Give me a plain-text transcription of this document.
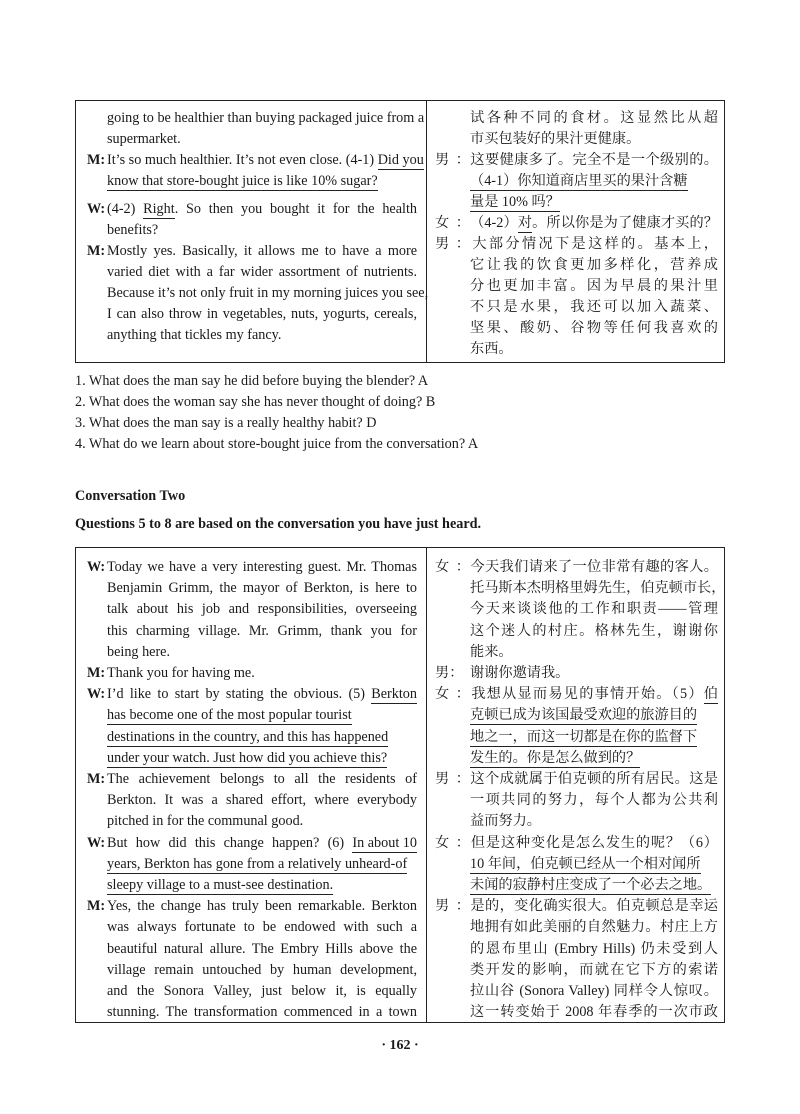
going to be healthier than buying packaged juice from a
supermarket.
M: It’s so much healthier. It’s not even close. (4-1) Did you
know that store-bought juice is like 10% sugar?
W: (4-2) Right. So then you bought it for the health
benefits?
M: Mostly yes. Basically, it allows me to have a more
varied diet with a far wider assortment of nutrients.
Because it’s not only fruit in my morning juices you see,
I can also throw in vegetables, nuts, yogurts, cereals,
anything that tickles my fancy.
试各种不同的食材。这显然比从超
市买包装好的果汁更健康。
男：这要健康多了。完全不是一个级别的。
（4-1）你知道商店里买的果汁含糖
量是 10% 吗？
女：（4-2）对。所以你是为了健康才买的？
男：大部分情况下是这样的。基本上，
它让我的饮食更加多样化，营养成
分也更加丰富。因为早晨的果汁里
不只是水果，我还可以加入蔬菜、
坚果、酸奶、谷物等任何我喜欢的
东西。
1. What does the man say he did before buying the blender? A
2. What does the woman say she has never thought of doing? B
3. What does the man say is a really healthy habit? D
4. What do we learn about store-bought juice from the conversation? A
Conversation Two
Questions 5 to 8 are based on the conversation you have just heard.
W: Today we have a very interesting guest. Mr. Thomas
Benjamin Grimm, the mayor of Berkton, is here to
talk about his job and responsibilities, overseeing
this charming village. Mr. Grimm, thank you for
being here.
M: Thank you for having me.
W: I’d like to start by stating the obvious. (5) Berkton
has become one of the most popular tourist
destinations in the country, and this has happened
under your watch. Just how did you achieve this?
M: The achievement belongs to all the residents of
Berkton. It was a shared effort, where everybody
pitched in for the communal good.
W: But how did this change happen? (6) In about 10
years, Berkton has gone from a relatively unheard-of
sleepy village to a must-see destination.
M: Yes, the change has truly been remarkable. Berkton
was always fortunate to be endowed with such a
beautiful natural allure. The Embry Hills above the
village remain untouched by human development,
and the Sonora Valley, just below it, is equally
stunning. The transformation commenced in a town
女：今天我们请来了一位非常有趣的客人。
托马斯本杰明格里姆先生，伯克顿市长，
今天来谈谈他的工作和职责——管理
这个迷人的村庄。格林先生，谢谢你
能来。
男： 谢谢你邀请我。
女：我想从显而易见的事情开始。（5）伯
克顿已成为该国最受欢迎的旅游目的
地之一，而这一切都是在你的监督下
发生的。你是怎么做到的？
男：这个成就属于伯克顿的所有居民。这是
一项共同的努力，每个人都为公共利
益而努力。
女：但是这种变化是怎么发生的呢？（6）
10 年间，伯克顿已经从一个相对闻所
未闻的寂静村庄变成了一个必去之地。
男：是的，变化确实很大。伯克顿总是幸运
地拥有如此美丽的自然魅力。村庄上方
的恩布里山 (Embry Hills) 仍未受到人
类开发的影响，而就在它下方的索诺
拉山谷 (Sonora Valley) 同样令人惊叹。
这一转变始于 2008 年春季的一次市政
· 162 ·
